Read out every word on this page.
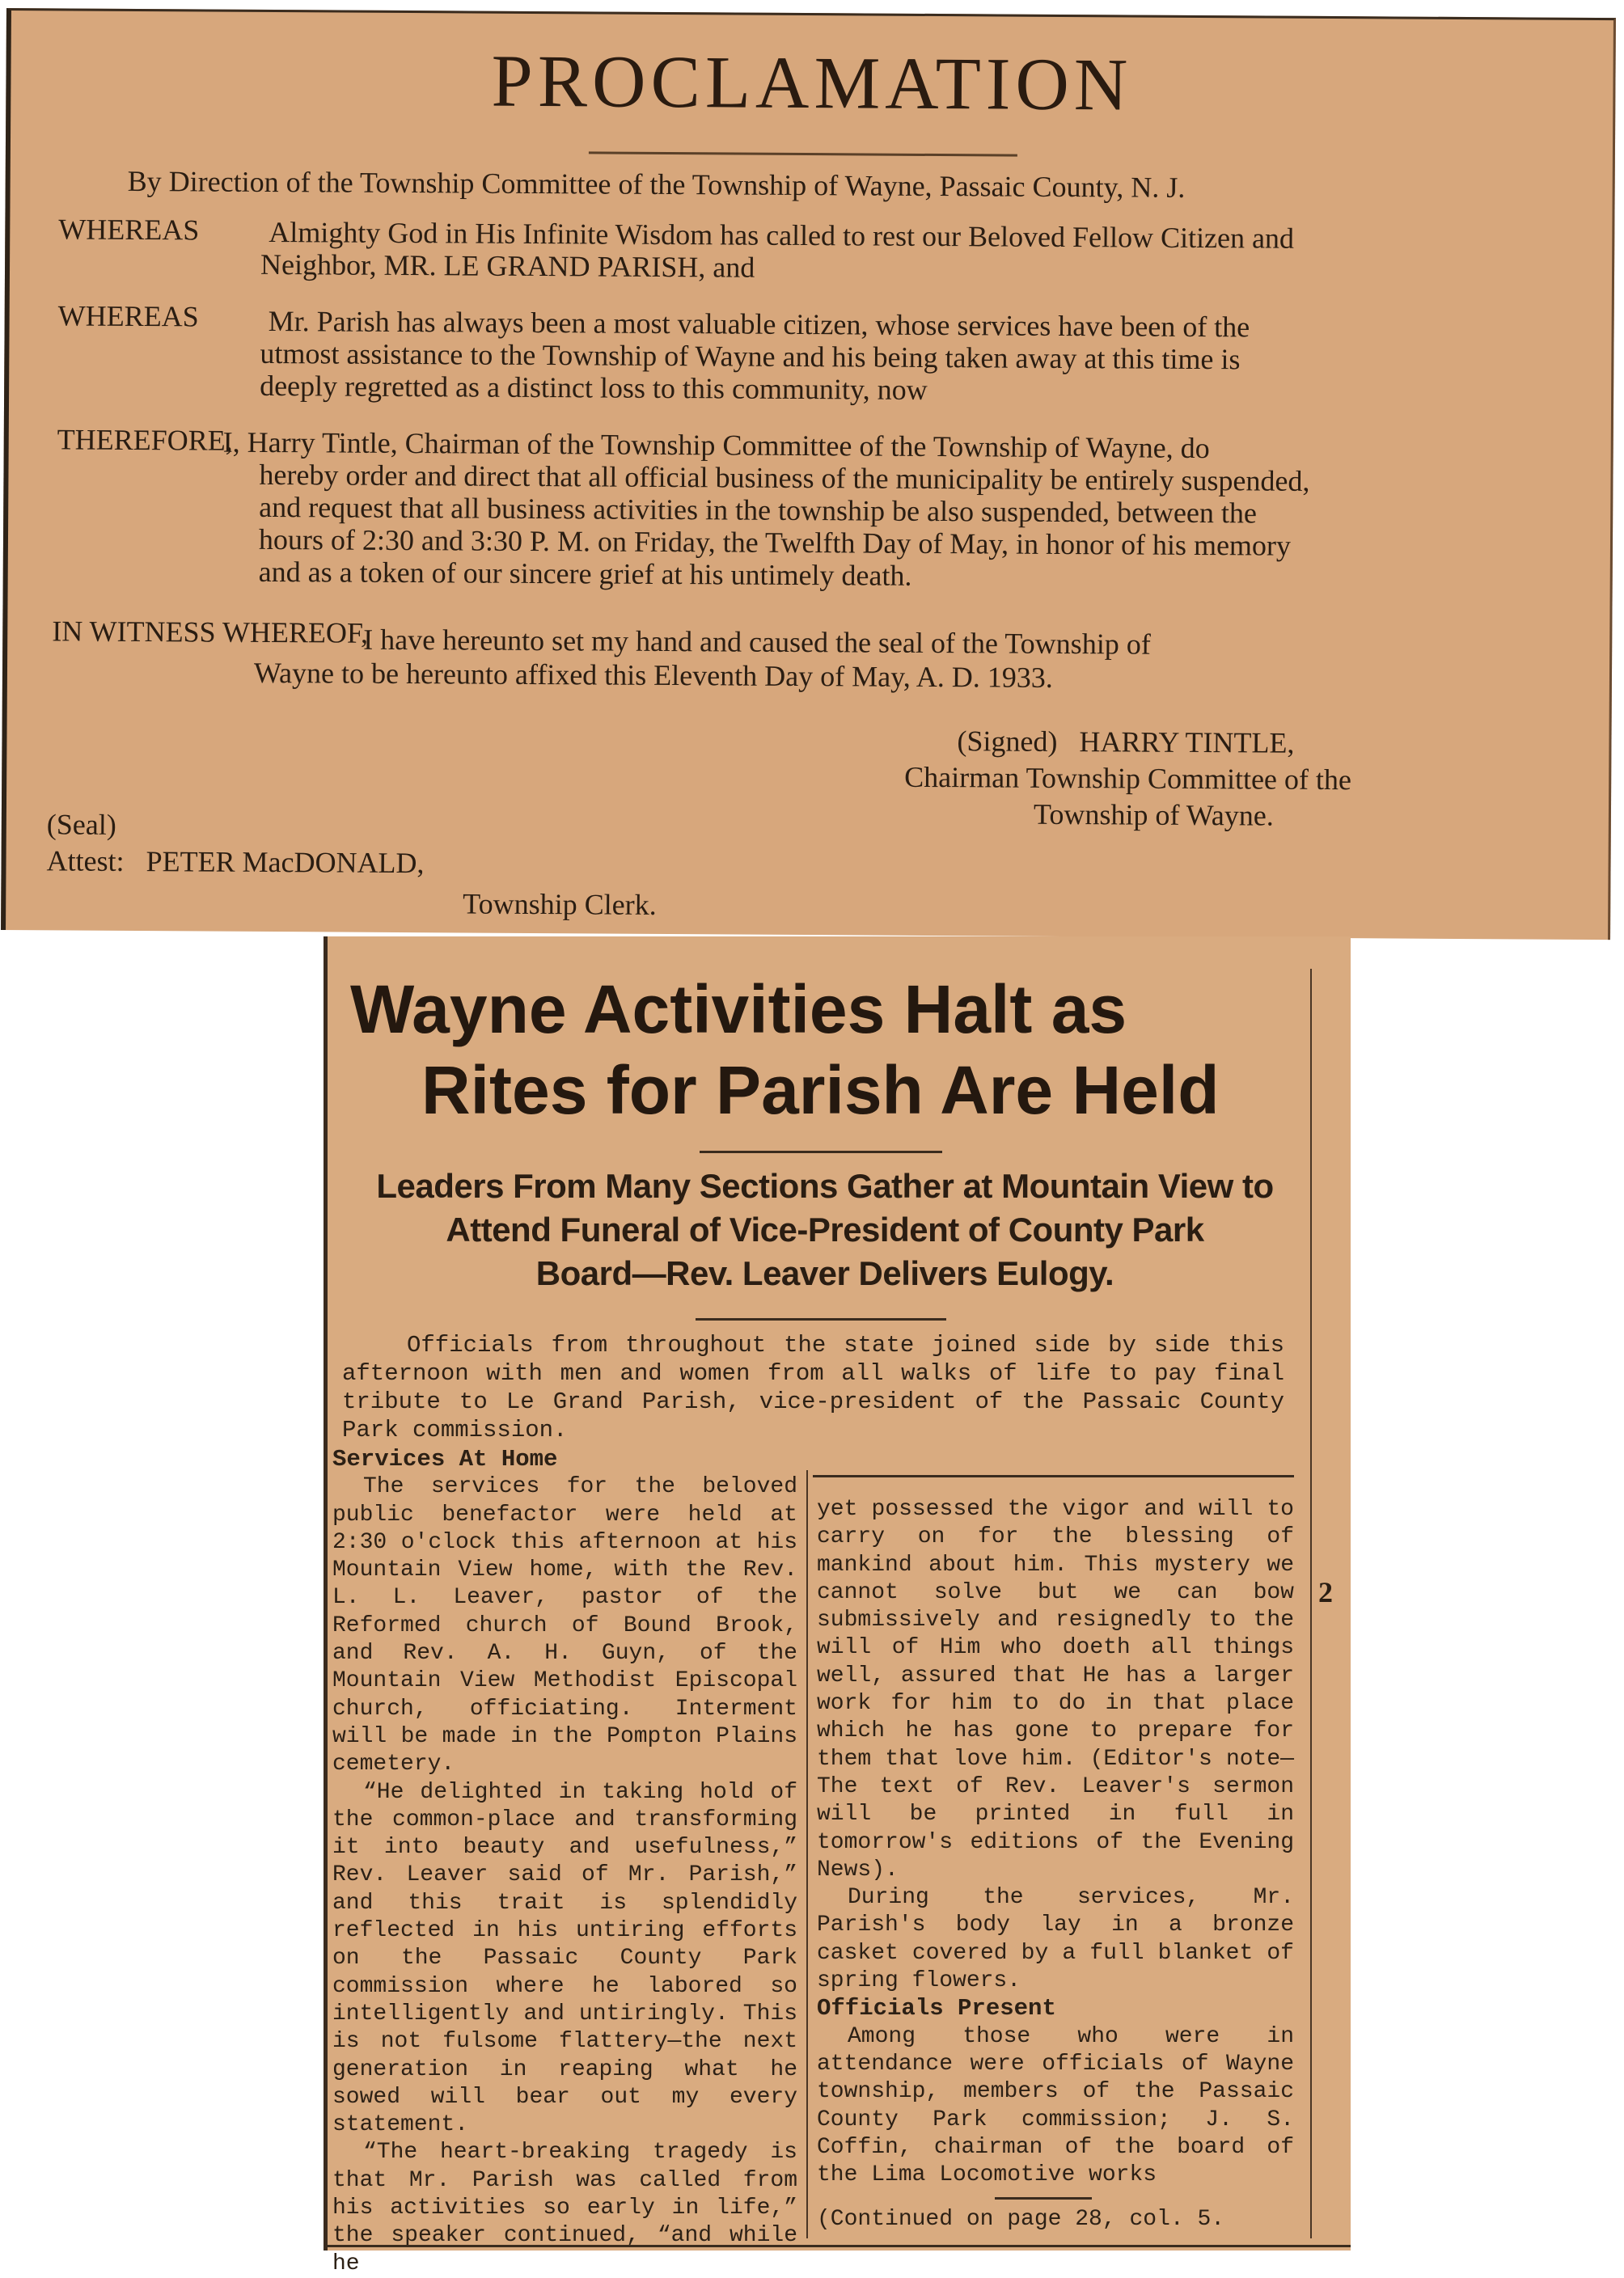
PROCLAMATION
By Direction of the Township Committee of the Township of Wayne, Passaic County, N. J.
WHEREAS Almighty God in His Infinite Wisdom has called to rest our Beloved Fellow Citizen and
Neighbor, MR. LE GRAND PARISH, and
WHEREAS Mr. Parish has always been a most valuable citizen, whose services have been of the
utmost assistance to the Township of Wayne and his being taken away at this time is
deeply regretted as a distinct loss to this community, now
THEREFORE,
I, Harry Tintle, Chairman of the Township Committee of the Township of Wayne, do
hereby order and direct that all official business of the municipality be entirely suspended,
and request that all business activities in the township be also suspended, between the
hours of 2:30 and 3:30 P. M. on Friday, the Twelfth Day of May, in honor of his memory
and as a token of our sincere grief at his untimely death.
IN WITNESS WHEREOF,
I have hereunto set my hand and caused the seal of the Township of
Wayne to be hereunto affixed this Eleventh Day of May, A. D. 1933.
(Signed)   HARRY TINTLE,
Chairman Township Committee of the
Township of Wayne.
(Seal)
Attest:   PETER MacDONALD,
Township Clerk.
Wayne Activities Halt as
Rites for Parish Are Held
Leaders From Many Sections Gather at Mountain View to
Attend Funeral of Vice-President of County Park
Board—Rev. Leaver Delivers Eulogy.
Officials from throughout the state joined side by side this afternoon with men and women from all walks of life to pay final tribute to Le Grand Parish, vice-president of the Passaic County Park commission.
2

Services At Home

The services for the beloved public benefactor were held at 2:30 o'clock this afternoon at his Mountain View home, with the Rev. L. L. Leaver, pastor of the Reformed church of Bound Brook, and Rev. A. H. Guyn, of the Mountain View Methodist Episcopal church, officiating. Interment will be made in the Pompton Plains cemetery.

“He delighted in taking hold of the common-place and transforming it into beauty and usefulness,” Rev. Leaver said of Mr. Parish,” and this trait is splendidly reflected in his untiring efforts on the Passaic County Park commission where he labored so intelligently and untiringly. This is not fulsome flattery—the next generation in reaping what he sowed will bear out my every statement.

“The heart-breaking tragedy is that Mr. Parish was called from his activities so early in life,” the speaker continued, “and while he

yet possessed the vigor and will to carry on for the blessing of mankind about him. This mystery we cannot solve but we can bow submissively and resignedly to the will of Him who doeth all things well, assured that He has a larger work for him to do in that place which he has gone to prepare for them that love him. (Editor's note—The text of Rev. Leaver's sermon will be printed in full in tomorrow's editions of the Evening News).

During the services, Mr. Parish's body lay in a bronze casket covered by a full blanket of spring flowers.

Officials Present

Among those who were in attendance were officials of Wayne township, members of the Passaic County Park commission; J. S. Coffin, chairman of the board of the Lima Locomotive works

(Continued on page 28, col. 5.
